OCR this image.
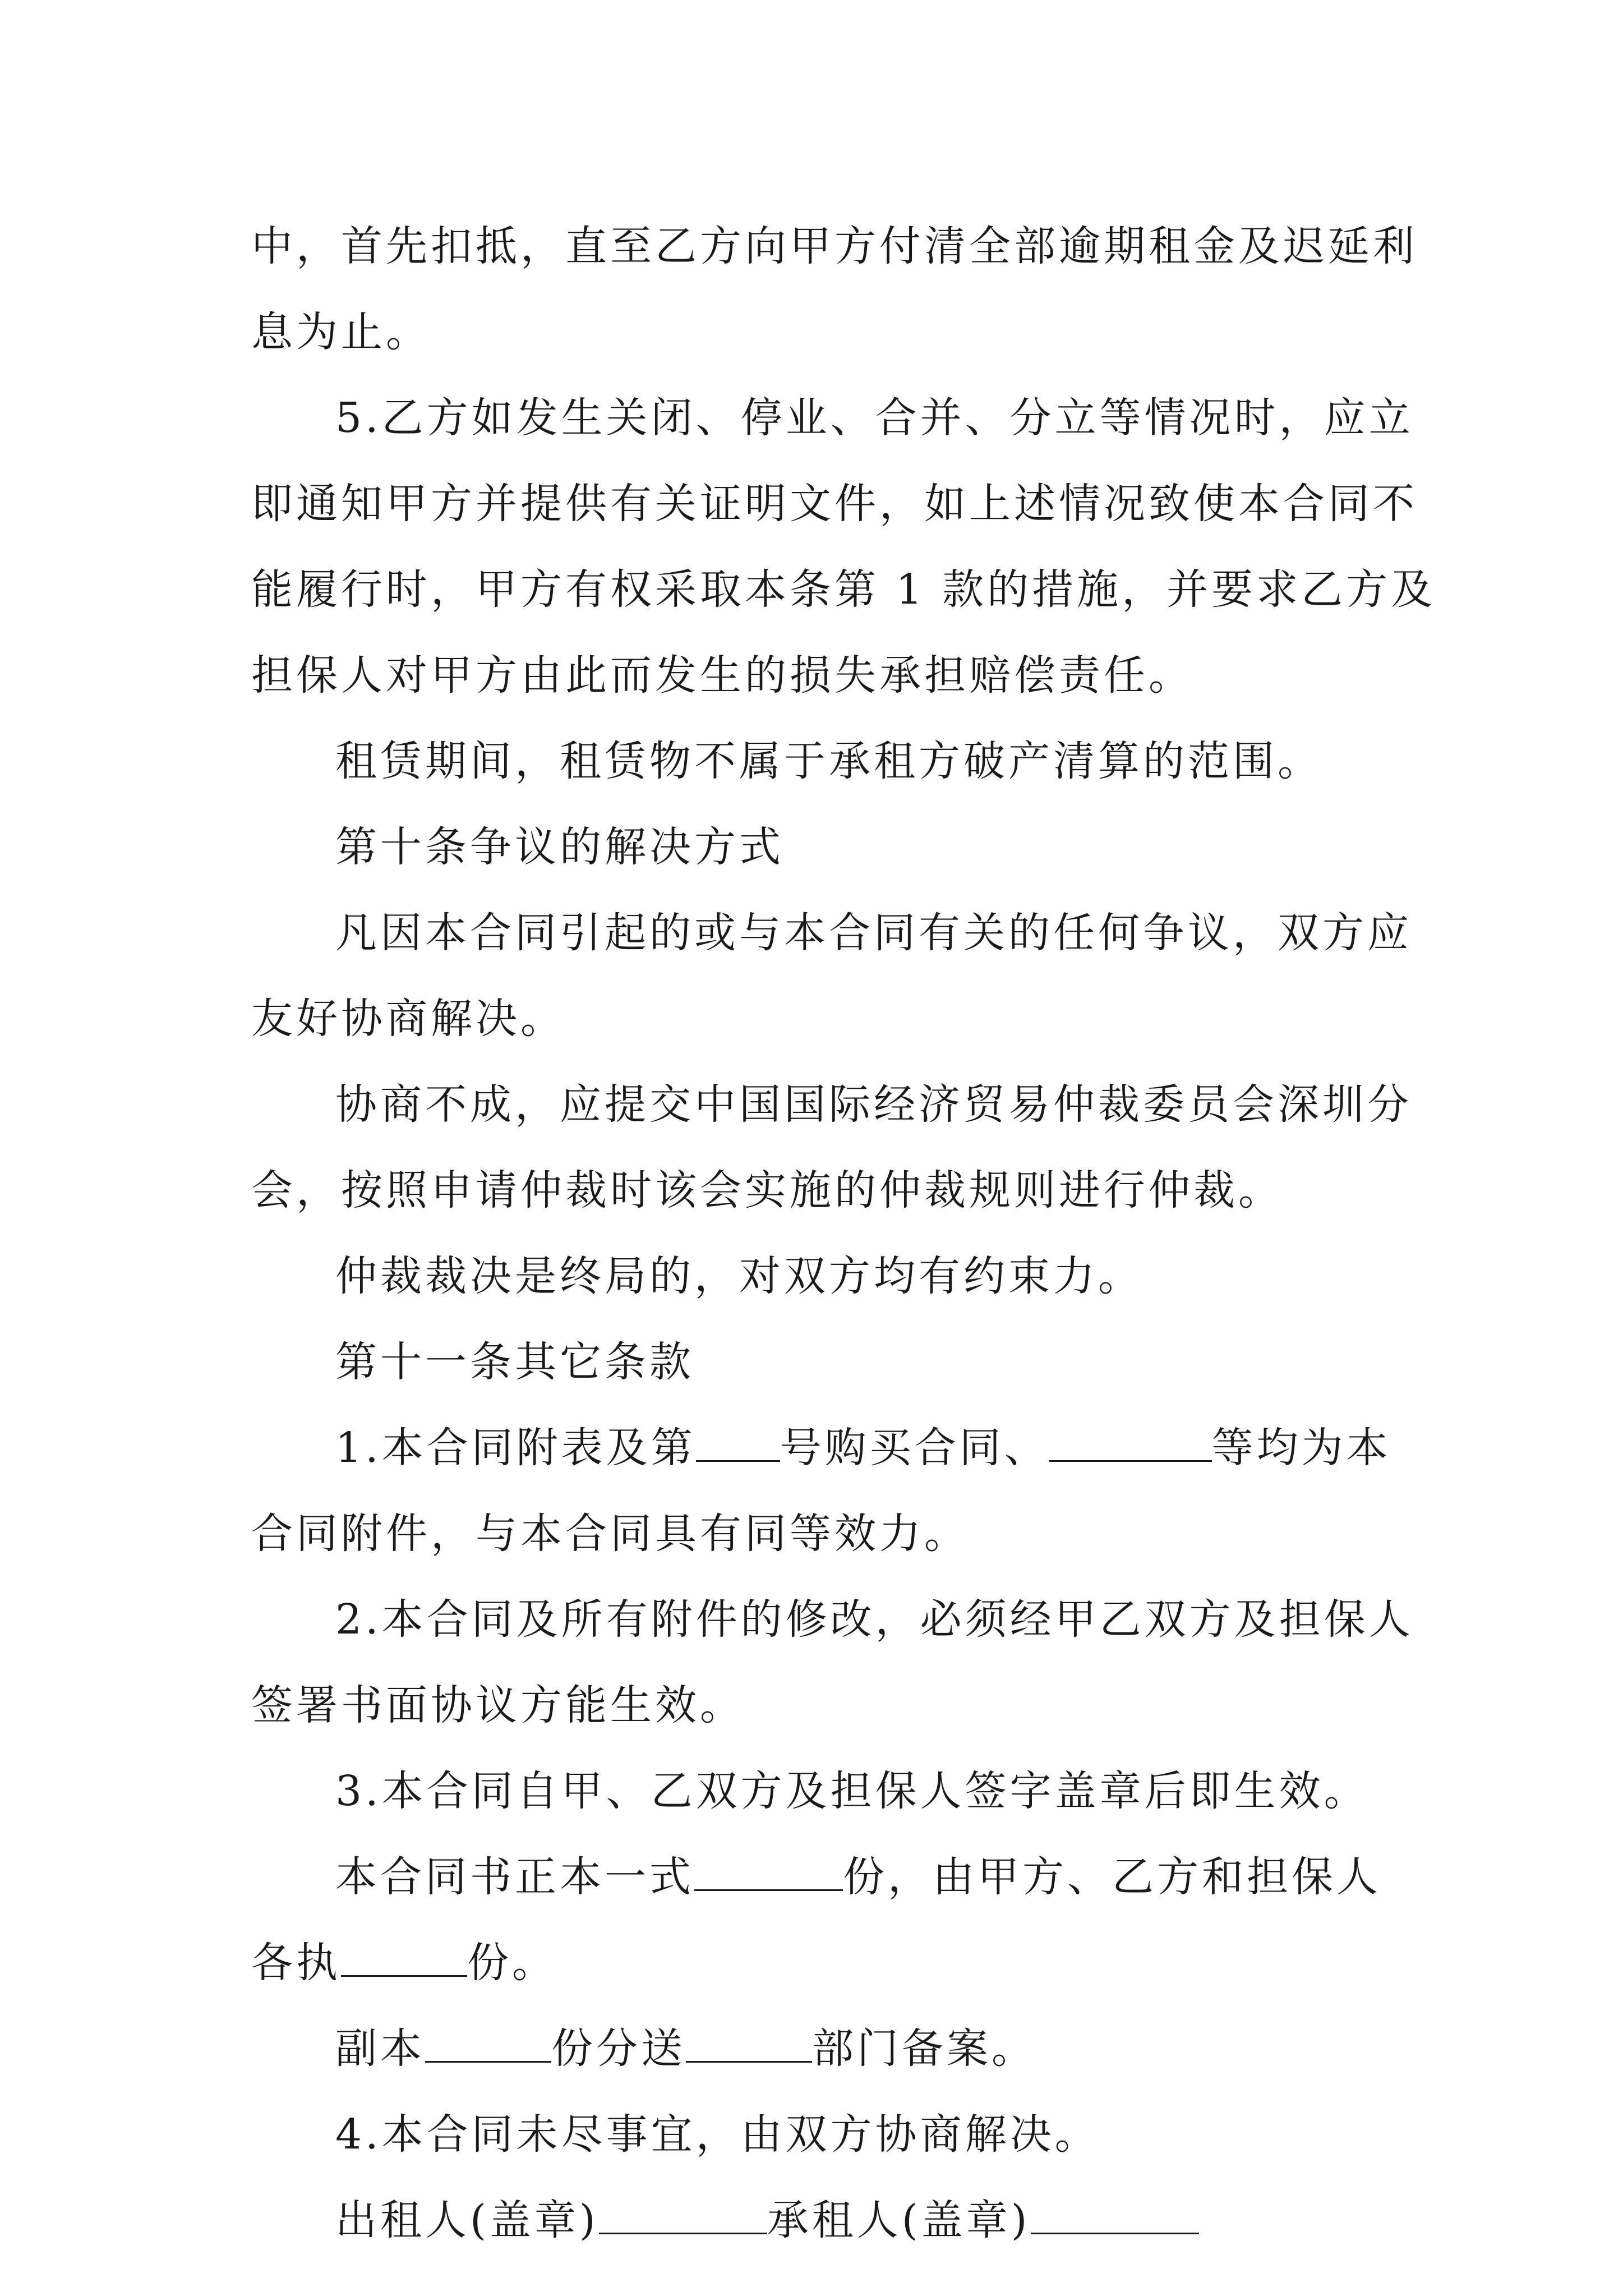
中，首先扣抵，直至乙方向甲方付清全部逾期租金及迟延利
息为止。
5.乙方如发生关闭、停业、合并、分立等情况时，应立
即通知甲方并提供有关证明文件，如上述情况致使本合同不
能履行时，甲方有权采取本条第 1 款的措施，并要求乙方及
担保人对甲方由此而发生的损失承担赔偿责任。
租赁期间，租赁物不属于承租方破产清算的范围。
第十条争议的解决方式
凡因本合同引起的或与本合同有关的任何争议，双方应
友好协商解决。
协商不成，应提交中国国际经济贸易仲裁委员会深圳分
会，按照申请仲裁时该会实施的仲裁规则进行仲裁。
仲裁裁决是终局的，对双方均有约束力。
第十一条其它条款
1.本合同附表及第 号购买合同、	等均为本
合同附件，与本合同具有同等效力。
2.本合同及所有附件的修改，必须经甲乙双方及担保人
签署书面协议方能生效。
3.本合同自甲、乙双方及担保人签字盖章后即生效。
本合同书正本一式	份，由甲方、乙方和担保人
各执	份。
副本	份分送	部门备案。
4.本合同未尽事宜，由双方协商解决。
出租人(盖章)	承租人(盖章)
